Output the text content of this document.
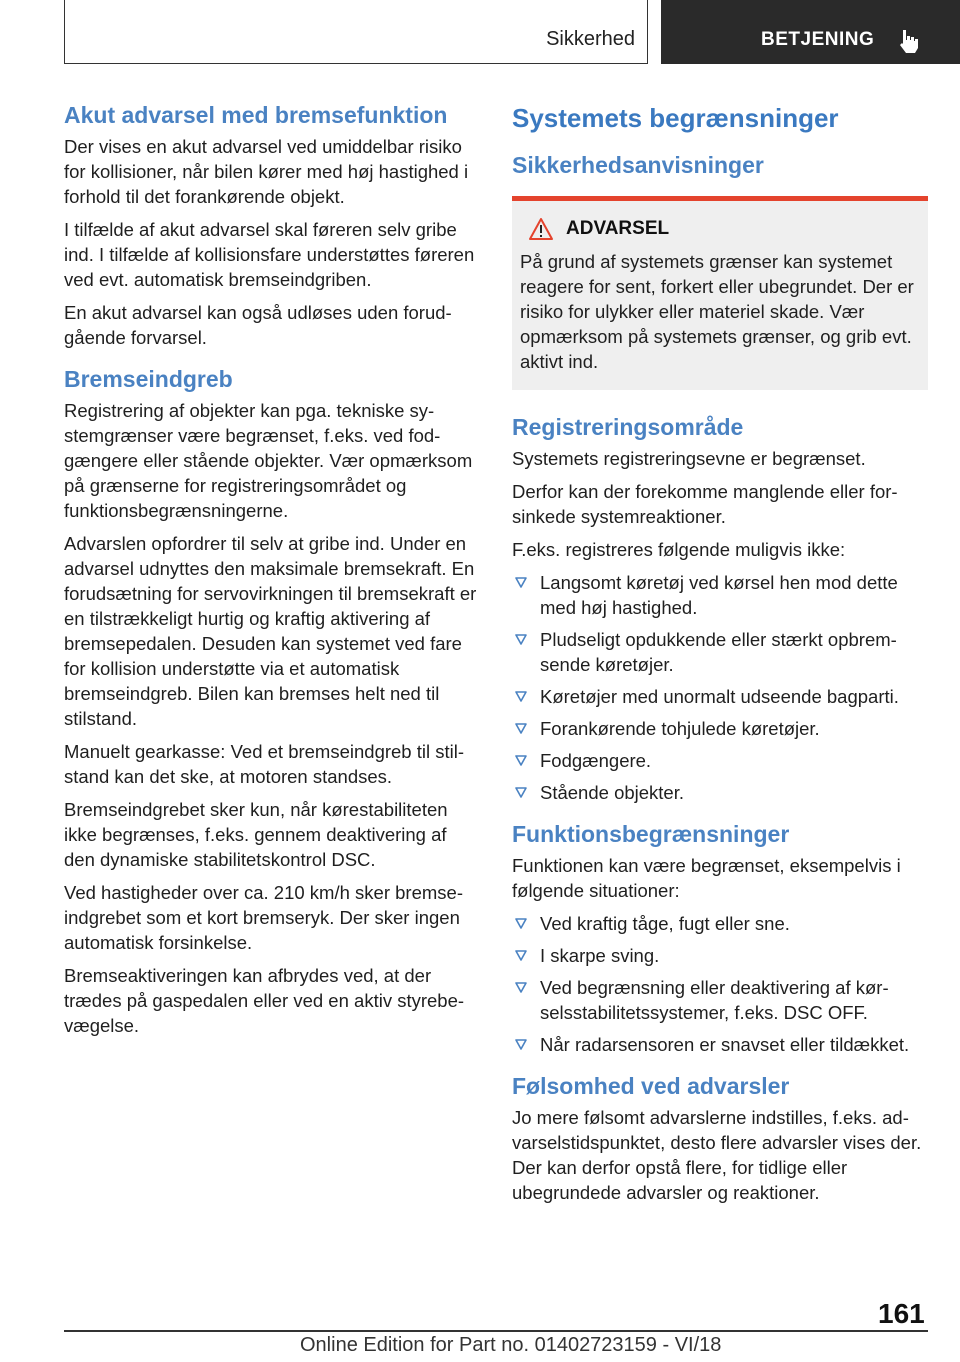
Sikkerhed	BETJENING
Akut advarsel med bremsefunktion

Der vises en akut advarsel ved umiddelbar risiko for kollisioner, når bilen kører med høj hastighed i forhold til det forankørende objekt.

I tilfælde af akut advarsel skal føreren selv gribe ind. I tilfælde af kollisionsfare understøttes føreren ved evt. automatisk bremseindgriben.

En akut advarsel kan også udløses uden forudgående forvarsel.

Bremseindgreb

Registrering af objekter kan pga. tekniske systemgrænser være begrænset, f.eks. ved fodgængere eller stående objekter. Vær opmærksom på grænserne for registreringsområdet og funktionsbegrænsningerne.

Advarslen opfordrer til selv at gribe ind. Under en advarsel udnyttes den maksimale bremsekraft. En forudsætning for servovirkningen til bremsekraft er en tilstrækkeligt hurtig og kraftig aktivering af bremsepedalen. Desuden kan systemet ved fare for kollision understøtte via et automatisk bremseindgreb. Bilen kan bremses helt ned til stilstand.

Manuelt gearkasse: Ved et bremseindgreb til stilstand kan det ske, at motoren standses.

Bremseindgrebet sker kun, når kørestabiliteten ikke begrænses, f.eks. gennem deaktivering af den dynamiske stabilitetskontrol DSC.

Ved hastigheder over ca. 210 km/h sker bremseindgrebet som et kort bremseryk. Der sker ingen automatisk forsinkelse.

Bremseaktiveringen kan afbrydes ved, at der trædes på gaspedalen eller ved en aktiv styrebevægelse.

Systemets begrænsninger
Sikkerhedsanvisninger
ADVARSEL

På grund af systemets grænser kan systemet reagere for sent, forkert eller ubegrundet. Der er risiko for ulykker eller materiel skade. Vær opmærksom på systemets grænser, og grib evt. aktivt ind.

Registreringsområde

Systemets registreringsevne er begrænset.

Derfor kan der forekomme manglende eller forsinkede systemreaktioner.

F.eks. registreres følgende muligvis ikke:

Langsomt køretøj ved kørsel hen mod dette med høj hastighed.
Pludseligt opdukkende eller stærkt opbremsende køretøjer.
Køretøjer med unormalt udseende bagparti.
Forankørende tohjulede køretøjer.
Fodgængere.
Stående objekter.
Funktionsbegrænsninger

Funktionen kan være begrænset, eksempelvis i følgende situationer:

Ved kraftig tåge, fugt eller sne.
I skarpe sving.
Ved begrænsning eller deaktivering af kørselsstabilitetssystemer, f.eks. DSC OFF.
Når radarsensoren er snavset eller tildækket.
Følsomhed ved advarsler

Jo mere følsomt advarslerne indstilles, f.eks. advarselstidspunktet, desto flere advarsler vises der. Der kan derfor opstå flere, for tidlige eller ubegrundede advarsler og reaktioner.

161
Online Edition for Part no. 01402723159 - VI/18
